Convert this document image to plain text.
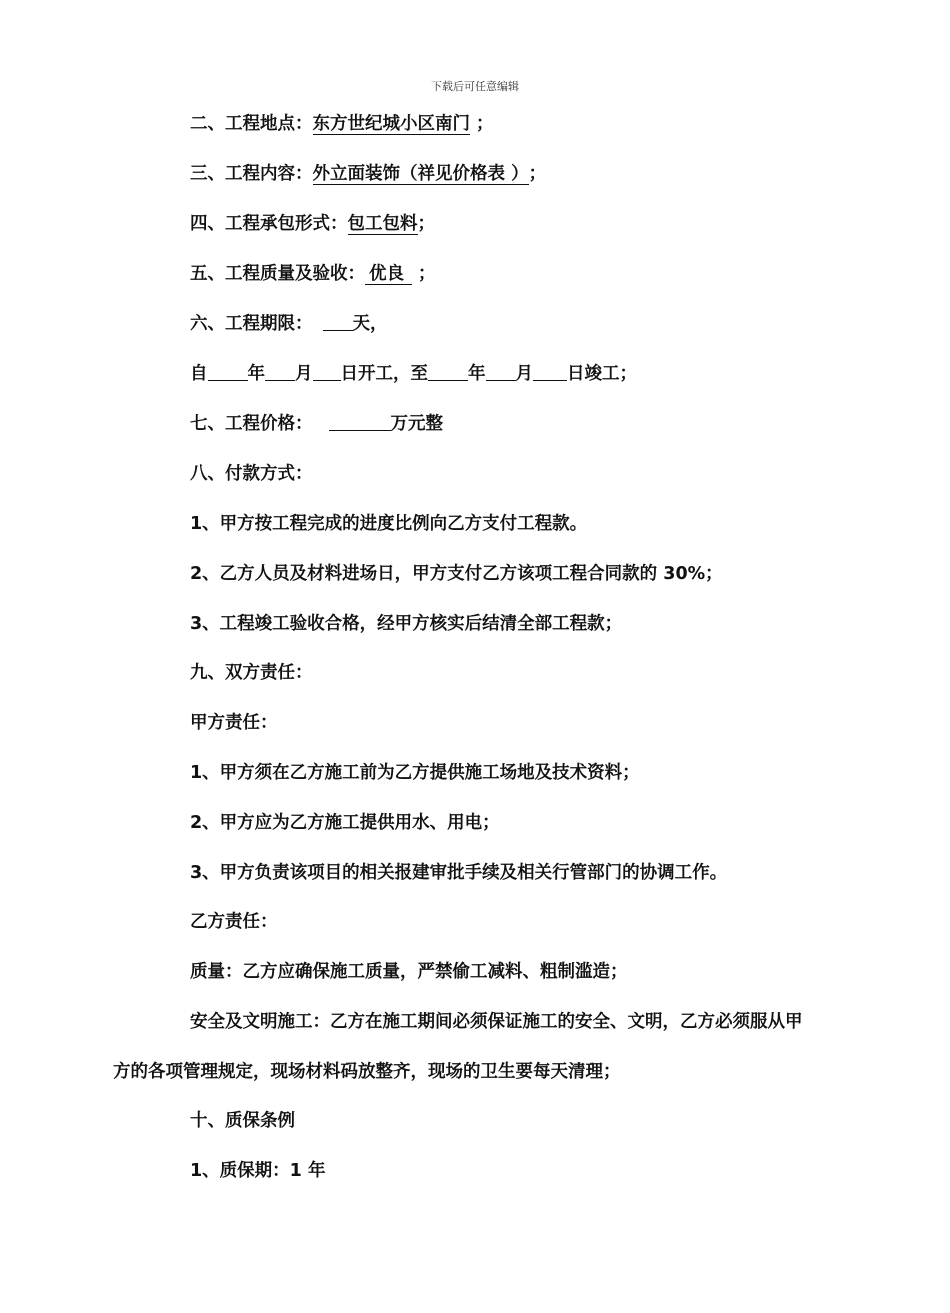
下载后可任意编辑
二、工程地点：东方世纪城小区南门 ；
三、工程内容：外立面装饰（祥见价格表 ）；
四、工程承包形式：包工包料；
五、工程质量及验收： 优良 ；
六、工程期限： 天，
自 年 月 日开工，至 年 月 日竣工；
七、工程价格：	万元整
八、付款方式：
1、甲方按工程完成的进度比例向乙方支付工程款。
2、乙方人员及材料进场日，甲方支付乙方该项工程合同款的 30%；
3、工程竣工验收合格，经甲方核实后结清全部工程款；
九、双方责任：
甲方责任：
1、甲方须在乙方施工前为乙方提供施工场地及技术资料；
2、甲方应为乙方施工提供用水、用电；
3、甲方负责该项目的相关报建审批手续及相关行管部门的协调工作。
乙方责任：
质量：乙方应确保施工质量，严禁偷工减料、粗制滥造；
安全及文明施工：乙方在施工期间必须保证施工的安全、文明，乙方必须服从甲
方的各项管理规定，现场材料码放整齐，现场的卫生要每天清理；
十、质保条例
1、质保期：1 年
